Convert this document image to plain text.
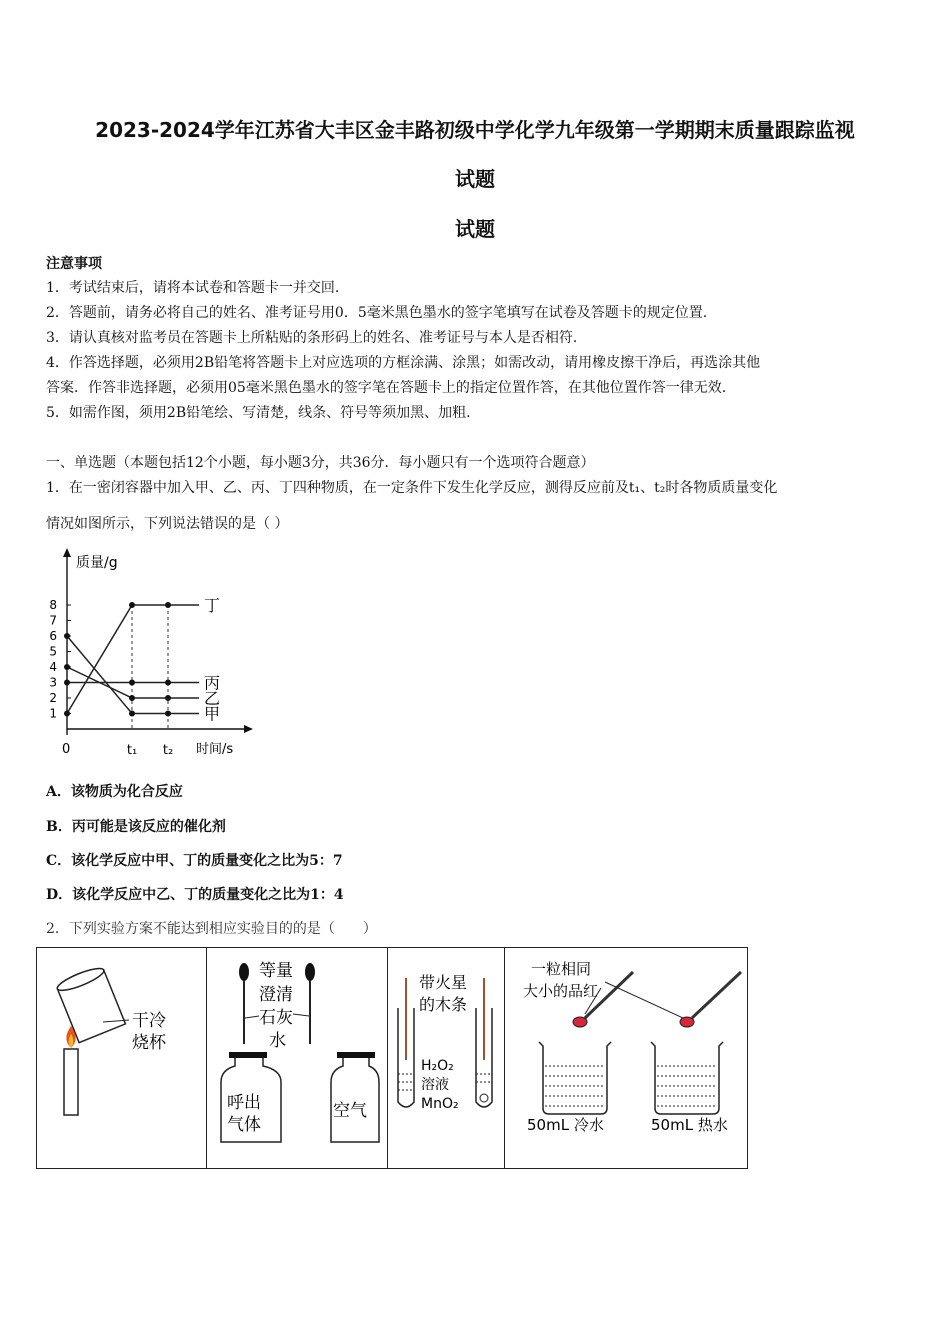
2023-2024学年江苏省大丰区金丰路初级中学化学九年级第一学期期末质量跟踪监视
试题
试题
注意事项
1．考试结束后，请将本试卷和答题卡一并交回.
2．答题前，请务必将自己的姓名、准考证号用0．5毫米黑色墨水的签字笔填写在试卷及答题卡的规定位置.
3．请认真核对监考员在答题卡上所粘贴的条形码上的姓名、准考证号与本人是否相符.
4．作答选择题，必须用2B铅笔将答题卡上对应选项的方框涂满、涂黑；如需改动，请用橡皮擦干净后，再选涂其他
答案．作答非选择题，必须用05毫米黑色墨水的签字笔在答题卡上的指定位置作答，在其他位置作答一律无效.
5．如需作图，须用2B铅笔绘、写清楚，线条、符号等须加黑、加粗.
一、单选题（本题包括12个小题，每小题3分，共36分．每小题只有一个选项符合题意）
1．在一密闭容器中加入甲、乙、丙、丁四种物质，在一定条件下发生化学反应，测得反应前及t₁、t₂时各物质质量变化
情况如图所示，下列说法错误的是（ ）
质量/g
时间/s
0	t₁ t₂
1
2
3
4
5
6
7
8	丁
丙
乙
甲
A．该物质为化合反应
B．丙可能是该反应的催化剂
C．该化学反应中甲、丁的质量变化之比为5：7
D．该化学反应中乙、丁的质量变化之比为1：4
2．下列实验方案不能达到相应实验目的的是（　　）
干冷
烧杯
等量
澄清
石灰
水
呼出
气体
空气
带火星
的木条
H₂O₂
溶液
MnO₂
一粒相同
大小的品红
50mL 冷水	50mL 热水
